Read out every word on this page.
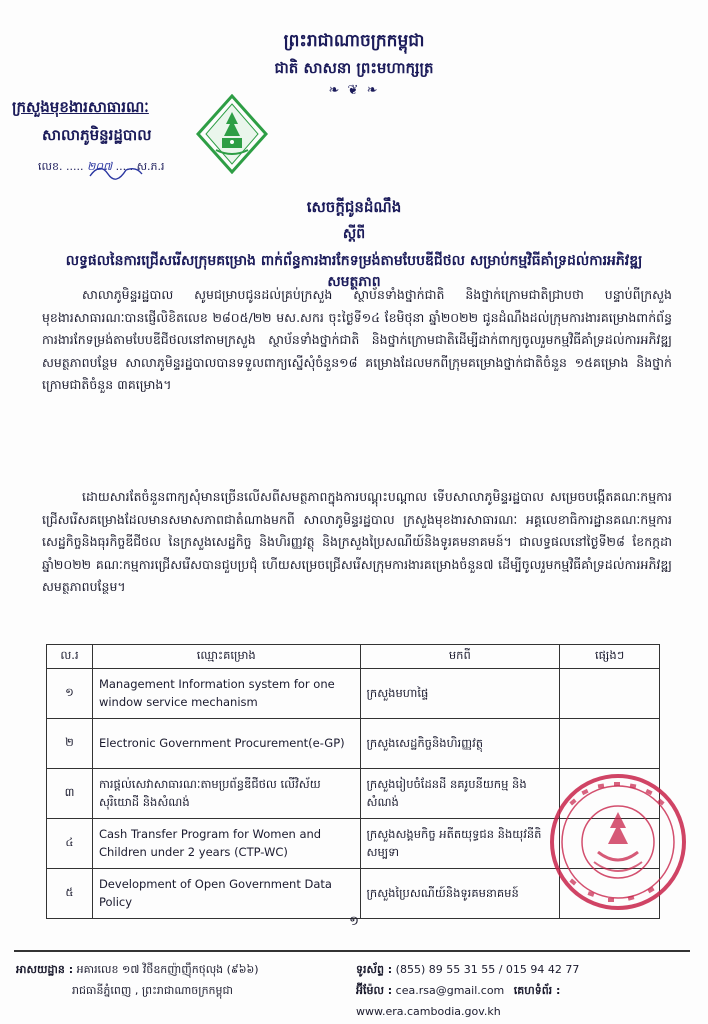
ព្រះរាជាណាចក្រកម្ពុជា
ជាតិ សាសនា ព្រះមហាក្សត្រ
❧ ❦ ❧
ក្រសួងមុខងារសាធារណៈ
សាលាភូមិន្ទរដ្ឋបាល
លេខ. ..... ២០៧ ..... ស.ភ.រ
សេចក្តីជូនដំណឹង
ស្តីពី
លទ្ធផលនៃការជ្រើសរើសក្រុមគម្រោង ពាក់ព័ន្ធការងារកែទម្រង់តាមបែបឌីជីថល សម្រាប់កម្មវិធីគាំទ្រដល់ការអភិវឌ្ឍសមត្ថភាព

សាលាភូមិន្ទរដ្ឋបាល សូមជម្រាបជូនដល់គ្រប់ក្រសួង ស្ថាប័នទាំងថ្នាក់ជាតិ និងថ្នាក់ក្រោមជាតិជ្រាបថា បន្ទាប់ពីក្រសួងមុខងារសាធារណៈបានផ្ញើលិខិតលេខ ២៨០៥/២២ មស.សករ ចុះថ្ងៃទី១៤ ខែមិថុនា ឆ្នាំ២០២២ ជូនដំណឹងដល់ក្រុមការងារគម្រោងពាក់ព័ន្ធការងារកែទម្រង់តាមបែបឌីជីថលនៅតាមក្រសួង ស្ថាប័នទាំងថ្នាក់ជាតិ និងថ្នាក់ក្រោមជាតិដើម្បីដាក់ពាក្យចូលរួមកម្មវិធីគាំទ្រដល់ការអភិវឌ្ឍសមត្ថភាពបន្ថែម សាលាភូមិន្ទរដ្ឋបាលបានទទួលពាក្យស្នើសុំចំនួន១៨ គម្រោងដែលមកពីក្រុមគម្រោងថ្នាក់ជាតិចំនួន ១៥គម្រោង និងថ្នាក់ក្រោមជាតិចំនួន ៣គម្រោង។

ដោយសារតែចំនួនពាក្យសុំមានច្រើនលើសពីសមត្ថភាពក្នុងការបណ្តុះបណ្តាល ទើបសាលាភូមិន្ទរដ្ឋបាល សម្រេចបង្កើតគណៈកម្មការជ្រើសរើសគម្រោងដែលមានសមាសភាពជាតំណាងមកពី សាលាភូមិន្ទរដ្ឋបាល ក្រសួងមុខងារសាធារណៈ អគ្គលេខាធិការដ្ឋានគណៈកម្មការសេដ្ឋកិច្ចនិងធុរកិច្ចឌីជីថល នៃក្រសួងសេដ្ឋកិច្ច និងហិរញ្ញវត្ថុ និងក្រសួងប្រៃសណីយ៍និងទូរគមនាគមន៍។ ជាលទ្ធផលនៅថ្ងៃទី២៨ ខែកក្កដា ឆ្នាំ២០២២ គណៈកម្មការជ្រើសរើសបានជួបប្រជុំ ហើយសម្រេចជ្រើសរើសក្រុមការងារគម្រោងចំនួន៧ ដើម្បីចូលរួមកម្មវិធីគាំទ្រដល់ការអភិវឌ្ឍសមត្ថភាពបន្ថែម។

ល.រ	ឈ្មោះគម្រោង	មកពី	ផ្សេងៗ
១	Management Information system for one window service mechanism	ក្រសួងមហាផ្ទៃ	
២	Electronic Government Procurement(e-GP)	ក្រសួងសេដ្ឋកិច្ចនិងហិរញ្ញវត្ថុ	
៣	ការផ្តល់សេវាសាធារណៈតាមប្រព័ន្ធឌីជីថល លើវិស័យសុរិយោដី និងសំណង់	ក្រសួងរៀបចំដែនដី នគរូបនីយកម្ម និងសំណង់	
៤	Cash Transfer Program for Women and Children under 2 years (CTP-WC)	ក្រសួងសង្គមកិច្ច អតីតយុទ្ធជន និងយុវនីតិសម្បទា	
៥	Development of Open Government Data Policy	ក្រសួងប្រៃសណីយ៍និងទូរគមនាគមន៍	
១
អាសយដ្ឋាន : អគារលេខ ១៧ វិថីឧកញ៉ាញ៉ឹកថុលុង (៩៦៦)
រាជធានីភ្នំពេញ , ព្រះរាជាណាចក្រកម្ពុជា
ទូរស័ព្ទ : (855) 89 55 31 55 / 015 94 42 77
អ៊ីម៉ែល : cea.rsa@gmail.com គេហទំព័រ : www.era.cambodia.gov.kh
